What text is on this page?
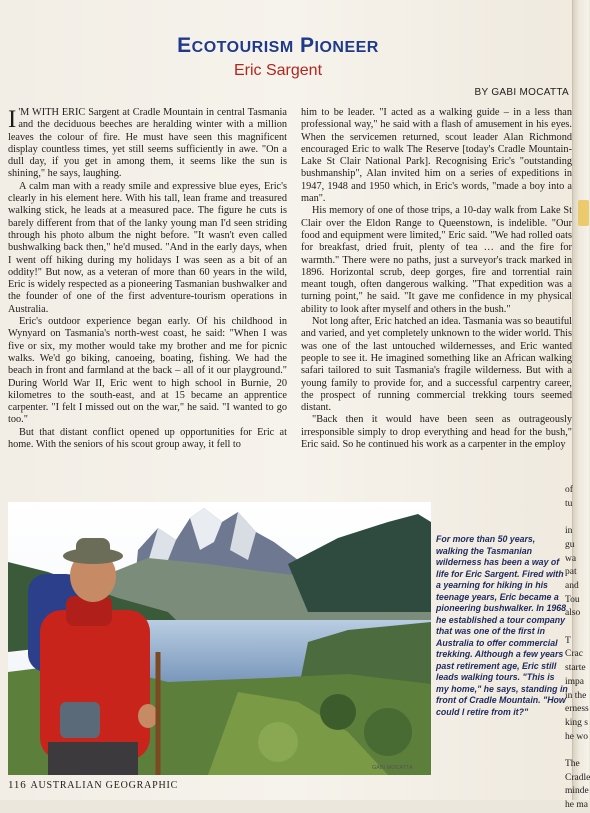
ECOTOURISM PIONEER
Eric Sargent
BY GABI MOCATTA

I 'M WITH ERIC Sargent at Cradle Mountain in central Tasmania and the deciduous beeches are heralding winter with a million leaves the colour of fire. He must have seen this magnificent display countless times, yet still seems sufficiently in awe. "On a dull day, if you get in among them, it seems like the sun is shining," he says, laughing.

A calm man with a ready smile and expressive blue eyes, Eric's clearly in his element here. With his tall, lean frame and treasured walking stick, he leads at a measured pace. The figure he cuts is barely different from that of the lanky young man I'd seen striding through his photo album the night before. "It wasn't even called bushwalking back then," he'd mused. "And in the early days, when I went off hiking during my holidays I was seen as a bit of an oddity!" But now, as a veteran of more than 60 years in the wild, Eric is widely respected as a pioneering Tasmanian bushwalker and the founder of one of the first adventure-tourism operations in Australia.

Eric's outdoor experience began early. Of his childhood in Wynyard on Tasmania's north-west coast, he said: "When I was five or six, my mother would take my brother and me for picnic walks. We'd go biking, canoeing, boating, fishing. We had the beach in front and farmland at the back – all of it our playground." During World War II, Eric went to high school in Burnie, 20 kilometres to the south-east, and at 15 became an apprentice carpenter. "I felt I missed out on the war," he said. "I wanted to go too."

But that distant conflict opened up opportunities for Eric at home. With the seniors of his scout group away, it fell to

him to be leader. "I acted as a walking guide – in a less than professional way," he said with a flash of amusement in his eyes. When the servicemen returned, scout leader Alan Richmond encouraged Eric to walk The Reserve [today's Cradle Mountain-Lake St Clair National Park]. Recognising Eric's "outstanding bushmanship", Alan invited him on a series of expeditions in 1947, 1948 and 1950 which, in Eric's words, "made a boy into a man".

His memory of one of those trips, a 10-day walk from Lake St Clair over the Eldon Range to Queenstown, is indelible. "Our food and equipment were limited," Eric said. "We had rolled oats for breakfast, dried fruit, plenty of tea … and the fire for warmth." There were no paths, just a surveyor's track marked in 1896. Horizontal scrub, deep gorges, fire and torrential rain meant tough, often dangerous walking. "That expedition was a turning point," he said. "It gave me confidence in my physical ability to look after myself and others in the bush."

Not long after, Eric hatched an idea. Tasmania was so beautiful and varied, and yet completely unknown to the wider world. This was one of the last untouched wildernesses, and Eric wanted people to see it. He imagined something like an African walking safari tailored to suit Tasmania's fragile wilderness. But with a young family to provide for, and a successful carpentry career, the prospect of running commercial trekking tours seemed distant.

"Back then it would have been seen as outrageously irresponsible simply to drop everything and head for the bush," Eric said. So he continued his work as a carpenter in the employ

For more than 50 years, walking the Tasmanian wilderness has been a way of life for Eric Sargent. Fired with a yearning for hiking in his teenage years, Eric became a pioneering bushwalker. In 1968 he established a tour company that was one of the first in Australia to offer commercial trekking. Although a few years past retirement age, Eric still leads walking tours. "This is my home," he says, standing in front of Cradle Mountain. "How could I retire from it?"
GABI MOCATTA
116 AUSTRALIAN GEOGRAPHIC
of
tu

in
gu
wa
pat
and
Tou
also

T
Crac
starte
impa
in the
erness
king s
he wo

The
Cradle
minde
he ma
